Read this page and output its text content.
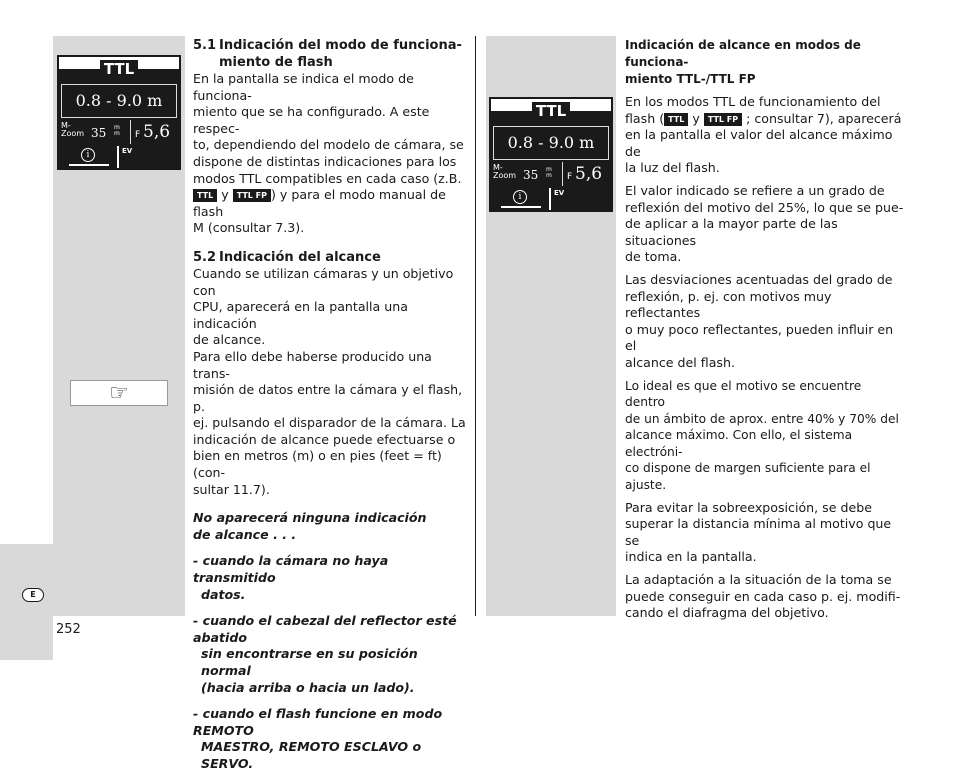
TTL
0.8 - 9.0 m
M-
Zoom 35 m
m F 5,6
i	EV
TTL
0.8 - 9.0 m
M-
Zoom 35 m
m F 5,6
i	EV
☞
E
252
5.1 Indicación del modo de funciona-
miento de flash
En la pantalla se indica el modo de funciona-
miento que se ha configurado. A este respec-
to, dependiendo del modelo de cámara, se
dispone de distintas indicaciones para los
modos TTL compatibles en cada caso (z.B.
TTL y TTL FP ) y para el modo manual de flash
M (consultar 7.3).
5.2 Indicación del alcance
Cuando se utilizan cámaras y un objetivo con
CPU, aparecerá en la pantalla una indicación
de alcance.
Para ello debe haberse producido una trans-
misión de datos entre la cámara y el flash, p.
ej. pulsando el disparador de la cámara. La
indicación de alcance puede efectuarse o
bien en metros (m) o en pies (feet = ft) (con-
sultar 11.7).
No aparecerá ninguna indicación
de alcance . . .
- cuando la cámara no haya transmitido
datos.
- cuando el cabezal del reflector esté abatido
sin encontrarse en su posición normal
(hacia arriba o hacia un lado).
- cuando el flash funcione en modo REMOTO
MAESTRO, REMOTO ESCLAVO o SERVO.
Indicación de alcance en modos de funciona-
miento TTL-/TTL FP
En los modos TTL de funcionamiento del
flash ( TTL y TTL FP ; consultar 7), aparecerá
en la pantalla el valor del alcance máximo de
la luz del flash.
El valor indicado se refiere a un grado de
reflexión del motivo del 25%, lo que se pue-
de aplicar a la mayor parte de las situaciones
de toma.
Las desviaciones acentuadas del grado de
reflexión, p. ej. con motivos muy reflectantes
o muy poco reflectantes, pueden influir en el
alcance del flash.
Lo ideal es que el motivo se encuentre dentro
de un ámbito de aprox. entre 40% y 70% del
alcance máximo. Con ello, el sistema electróni-
co dispone de margen suficiente para el ajuste.
Para evitar la sobreexposición, se debe
superar la distancia mínima al motivo que se
indica en la pantalla.
La adaptación a la situación de la toma se
puede conseguir en cada caso p. ej. modifi-
cando el diafragma del objetivo.
